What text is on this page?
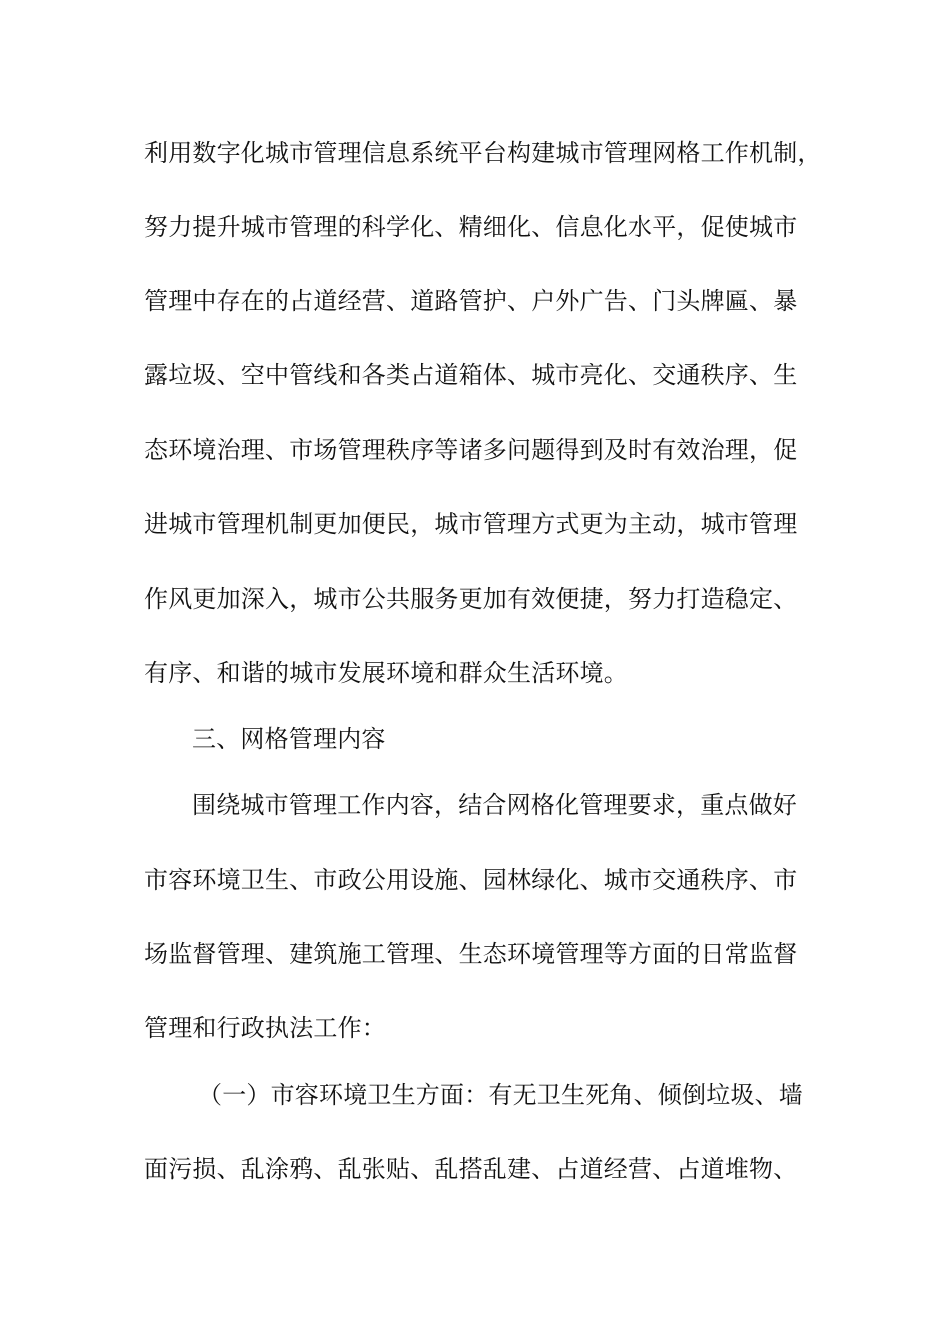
利用数字化城市管理信息系统平台构建城市管理网格工作机制，
努力提升城市管理的科学化、精细化、信息化水平，促使城市
管理中存在的占道经营、道路管护、户外广告、门头牌匾、暴
露垃圾、空中管线和各类占道箱体、城市亮化、交通秩序、生
态环境治理、市场管理秩序等诸多问题得到及时有效治理，促
进城市管理机制更加便民，城市管理方式更为主动，城市管理
作风更加深入，城市公共服务更加有效便捷，努力打造稳定、
有序、和谐的城市发展环境和群众生活环境。
三、网格管理内容
围绕城市管理工作内容，结合网格化管理要求，重点做好
市容环境卫生、市政公用设施、园林绿化、城市交通秩序、市
场监督管理、建筑施工管理、生态环境管理等方面的日常监督
管理和行政执法工作：
（一）市容环境卫生方面：有无卫生死角、倾倒垃圾、墙
面污损、乱涂鸦、乱张贴、乱搭乱建、占道经营、占道堆物、
